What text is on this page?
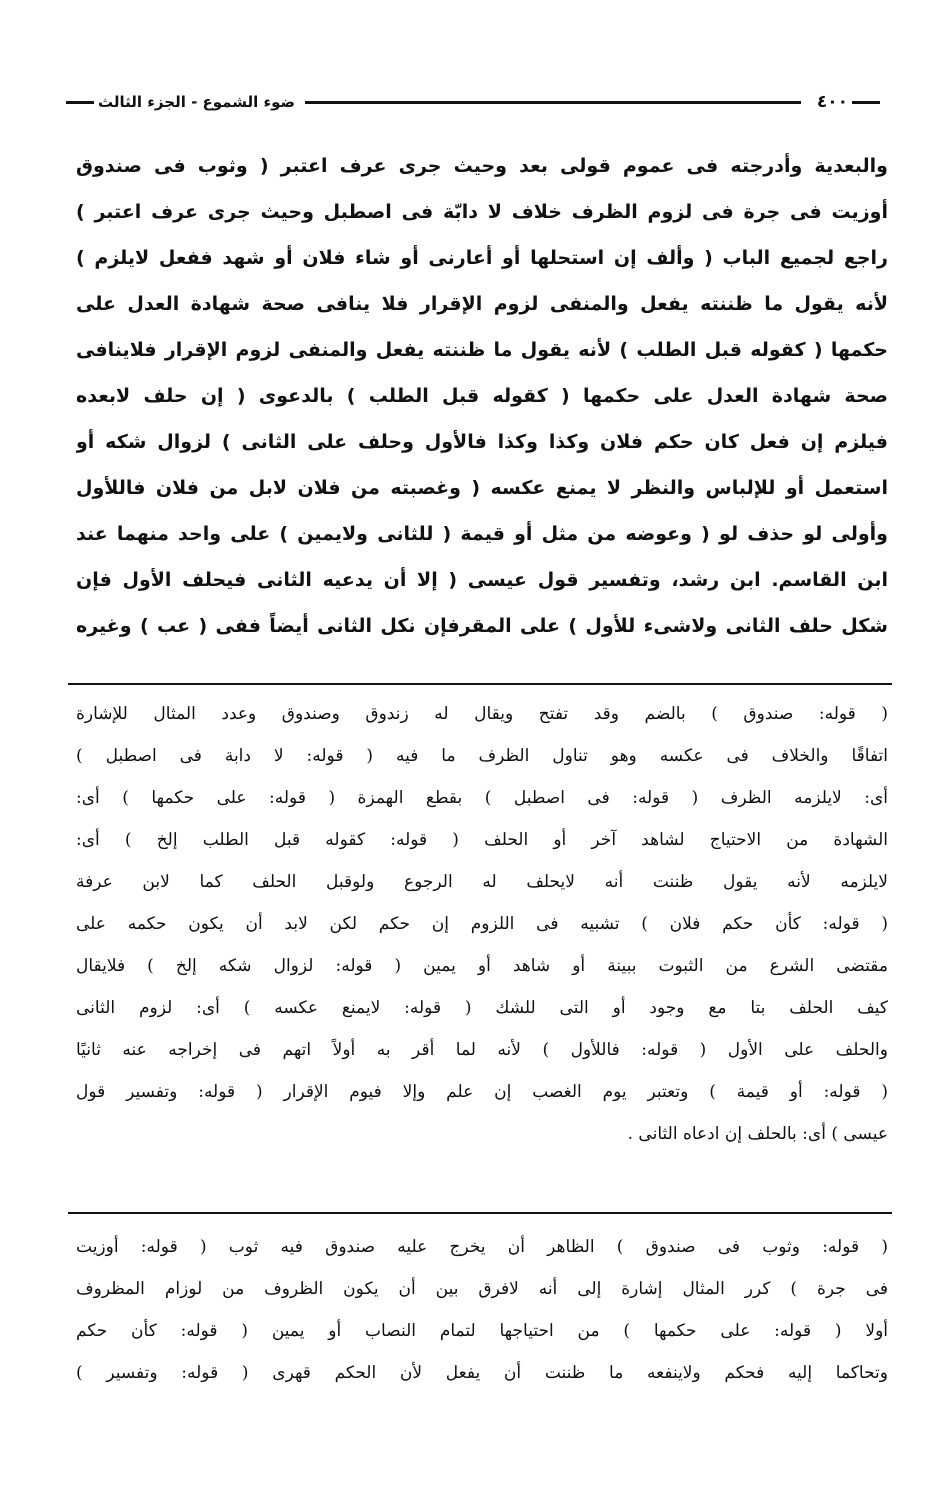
٤٠٠
ضوء الشموع - الجزء الثالث
والبعدية وأدرجته فى عموم قولى بعد وحيث جرى عرف اعتبر ( وثوب فى صندوق
أوزيت فى جرة فى لزوم الظرف خلاف لا دابّة فى اصطبل وحيث جرى عرف اعتبر )
راجع لجميع الباب ( وألف إن استحلها أو أعارنى أو شاء فلان أو شهد ففعل لايلزم )
لأنه يقول ما ظننته يفعل والمنفى لزوم الإقرار فلا ينافى صحة شهادة العدل على
حكمها ( كقوله قبل الطلب ) لأنه يقول ما ظننته يفعل والمنفى لزوم الإقرار فلاينافى
صحة شهادة العدل على حكمها ( كقوله قبل الطلب ) بالدعوى ( إن حلف لابعده
فيلزم إن فعل كان حكم فلان وكذا وكذا فالأول وحلف على الثانى ) لزوال شكه أو
استعمل أو للإلباس والنظر لا يمنع عكسه ( وغصبته من فلان لابل من فلان فاللأول
وأولى لو حذف لو ( وعوضه من مثل أو قيمة ( للثانى ولايمين ) على واحد منهما عند
ابن القاسم. ابن رشد، وتفسير قول عيسى ( إلا أن يدعيه الثانى فيحلف الأول فإن
شكل حلف الثانى ولاشىء للأول ) على المقرفإن نكل الثانى أيضاً ففى ( عب ) وغيره
( قوله: صندوق ) بالضم وقد تفتح ويقال له زندوق وصندوق وعدد المثال للإشارة
اتفاقًا والخلاف فى عكسه وهو تناول الظرف ما فيه ( قوله: لا دابة فى اصطبل )
أى: لايلزمه الظرف ( قوله: فى اصطبل ) بقطع الهمزة ( قوله: على حكمها ) أى:
الشهادة من الاحتياج لشاهد آخر أو الحلف ( قوله: كقوله قبل الطلب إلخ ) أى:
لايلزمه لأنه يقول ظننت أنه لايحلف له الرجوع ولوقبل الحلف كما لابن عرفة
( قوله: كأن حكم فلان ) تشبيه فى اللزوم إن حكم لكن لابد أن يكون حكمه على
مقتضى الشرع من الثبوت ببينة أو شاهد أو يمين ( قوله: لزوال شكه إلخ ) فلايقال
كيف الحلف بتا مع وجود أو التى للشك ( قوله: لايمنع عكسه ) أى: لزوم الثانى
والحلف على الأول ( قوله: فاللأول ) لأنه لما أقر به أولاً اتهم فى إخراجه عنه ثانيًا
( قوله: أو قيمة ) وتعتبر يوم الغصب إن علم وإلا فيوم الإقرار ( قوله: وتفسير قول
عيسى ) أى: بالحلف إن ادعاه الثانى .
( قوله: وثوب فى صندوق ) الظاهر أن يخرج عليه صندوق فيه ثوب ( قوله: أوزيت
فى جرة ) كرر المثال إشارة إلى أنه لافرق بين أن يكون الظروف من لوزام المظروف
أولا ( قوله: على حكمها ) من احتياجها لتمام النصاب أو يمين ( قوله: كأن حكم
وتحاكما إليه فحكم ولاينفعه ما ظننت أن يفعل لأن الحكم قهرى ( قوله: وتفسير )
